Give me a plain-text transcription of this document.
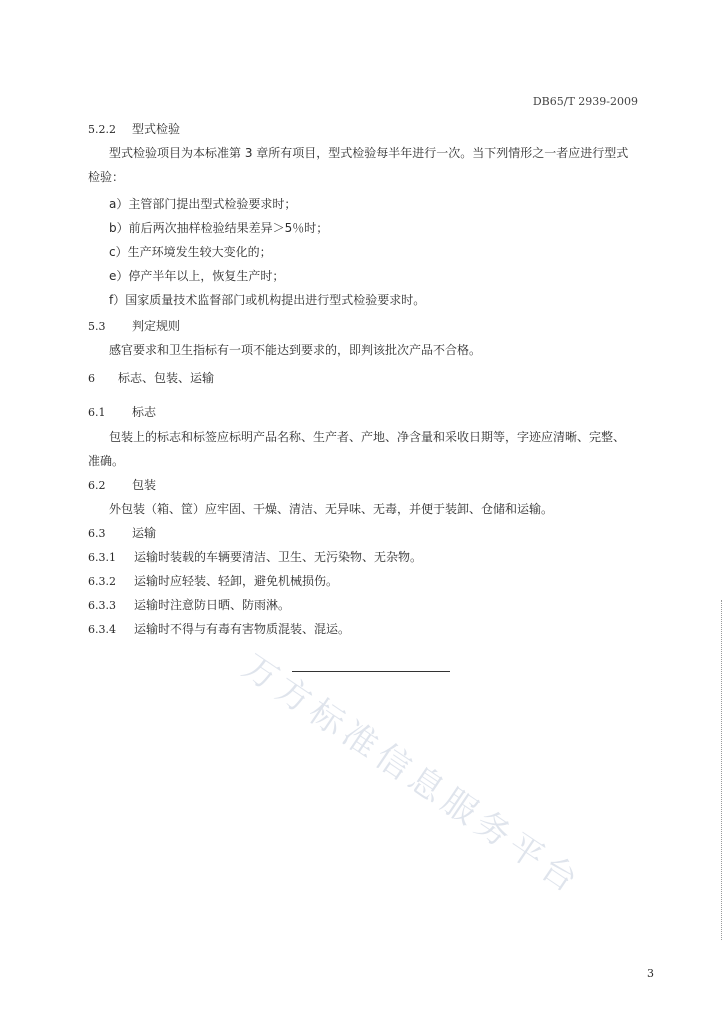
DB65/T 2939-2009
5.2.2 型式检验
型式检验项目为本标准第 3 章所有项目，型式检验每半年进行一次。当下列情形之一者应进行型式
检验：
a）主管部门提出型式检验要求时；
b）前后两次抽样检验结果差异＞5％时；
c）生产环境发生较大变化的；
e）停产半年以上，恢复生产时；
f）国家质量技术监督部门或机构提出进行型式检验要求时。
5.3 判定规则
感官要求和卫生指标有一项不能达到要求的，即判该批次产品不合格。
6 标志、包装、运输
6.1 标志
包装上的标志和标签应标明产品名称、生产者、产地、净含量和采收日期等，字迹应清晰、完整、
准确。
6.2 包装
外包装（箱、筐）应牢固、干燥、清洁、无异味、无毒，并便于装卸、仓储和运输。
6.3 运输
6.3.1 运输时装载的车辆要清洁、卫生、无污染物、无杂物。
6.3.2 运输时应轻装、轻卸，避免机械损伤。
6.3.3 运输时注意防日晒、防雨淋。
6.3.4 运输时不得与有毒有害物质混装、混运。
万方标准信息服务平台
3
